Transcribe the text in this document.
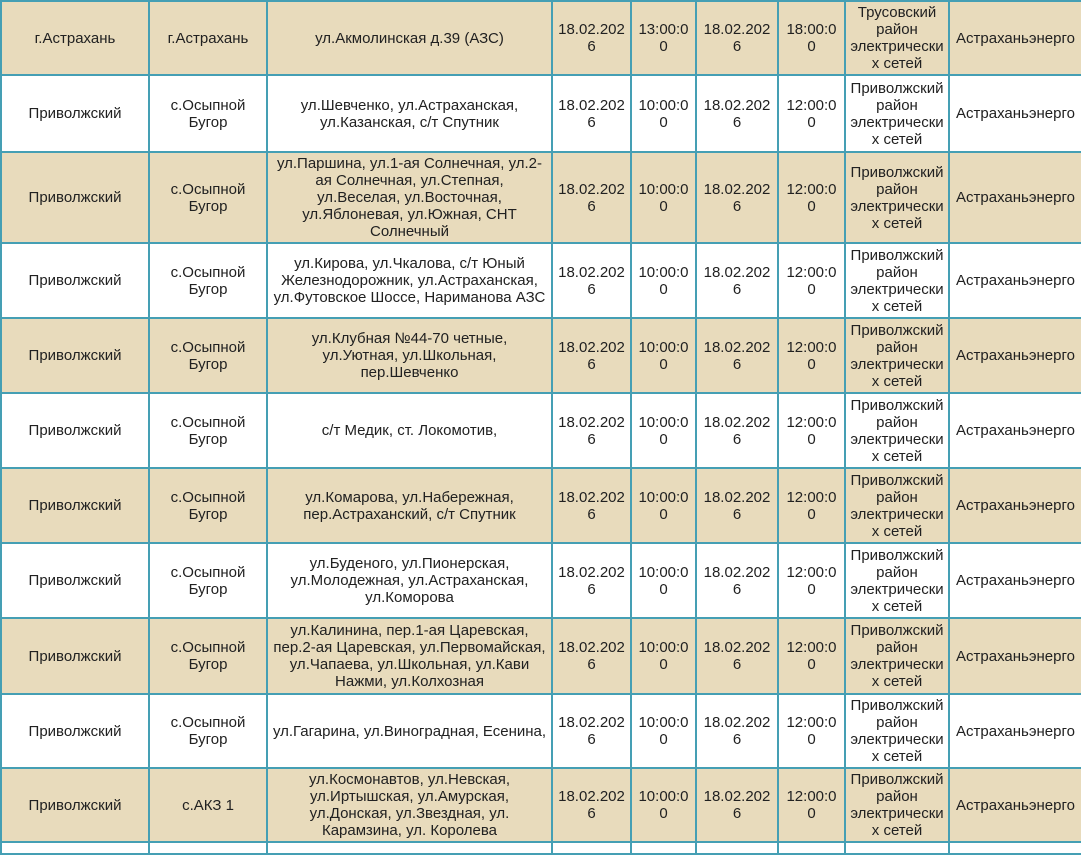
г.Астрахань	г.Астрахань	ул.Акмолинская д.39 (АЗС)	18.02.2026	13:00:00	18.02.2026	18:00:00	Трусовский район электрических сетей	Астраханьэнерго
Приволжский	с.Осыпной Бугор	ул.Шевченко, ул.Астраханская, ул.Казанская, с/т Спутник	18.02.2026	10:00:00	18.02.2026	12:00:00	Приволжский район электрических сетей	Астраханьэнерго
Приволжский	с.Осыпной Бугор	ул.Паршина, ул.1-ая Солнечная, ул.2-ая Солнечная, ул.Степная, ул.Веселая, ул.Восточная, ул.Яблоневая, ул.Южная, СНТ Солнечный	18.02.2026	10:00:00	18.02.2026	12:00:00	Приволжский район электрических сетей	Астраханьэнерго
Приволжский	с.Осыпной Бугор	ул.Кирова, ул.Чкалова, с/т Юный Железнодорожник, ул.Астраханская, ул.Футовское Шоссе, Нариманова АЗС	18.02.2026	10:00:00	18.02.2026	12:00:00	Приволжский район электрических сетей	Астраханьэнерго
Приволжский	с.Осыпной Бугор	ул.Клубная №44-70 четные, ул.Уютная, ул.Школьная, пер.Шевченко	18.02.2026	10:00:00	18.02.2026	12:00:00	Приволжский район электрических сетей	Астраханьэнерго
Приволжский	с.Осыпной Бугор	с/т Медик, ст. Локомотив,	18.02.2026	10:00:00	18.02.2026	12:00:00	Приволжский район электрических сетей	Астраханьэнерго
Приволжский	с.Осыпной Бугор	ул.Комарова, ул.Набережная, пер.Астраханский, с/т Спутник	18.02.2026	10:00:00	18.02.2026	12:00:00	Приволжский район электрических сетей	Астраханьэнерго
Приволжский	с.Осыпной Бугор	ул.Буденого, ул.Пионерская, ул.Молодежная, ул.Астраханская, ул.Коморова	18.02.2026	10:00:00	18.02.2026	12:00:00	Приволжский район электрических сетей	Астраханьэнерго
Приволжский	с.Осыпной Бугор	ул.Калинина, пер.1-ая Царевская, пер.2-ая Царевская, ул.Первомайская, ул.Чапаева, ул.Школьная, ул.Кави Нажми, ул.Колхозная	18.02.2026	10:00:00	18.02.2026	12:00:00	Приволжский район электрических сетей	Астраханьэнерго
Приволжский	с.Осыпной Бугор	ул.Гагарина, ул.Виноградная, Есенина,	18.02.2026	10:00:00	18.02.2026	12:00:00	Приволжский район электрических сетей	Астраханьэнерго
Приволжский	с.АКЗ 1	ул.Космонавтов, ул.Невская, ул.Иртышская, ул.Амурская, ул.Донская, ул.Звездная, ул. Карамзина, ул. Королева	18.02.2026	10:00:00	18.02.2026	12:00:00	Приволжский район электрических сетей	Астраханьэнерго
